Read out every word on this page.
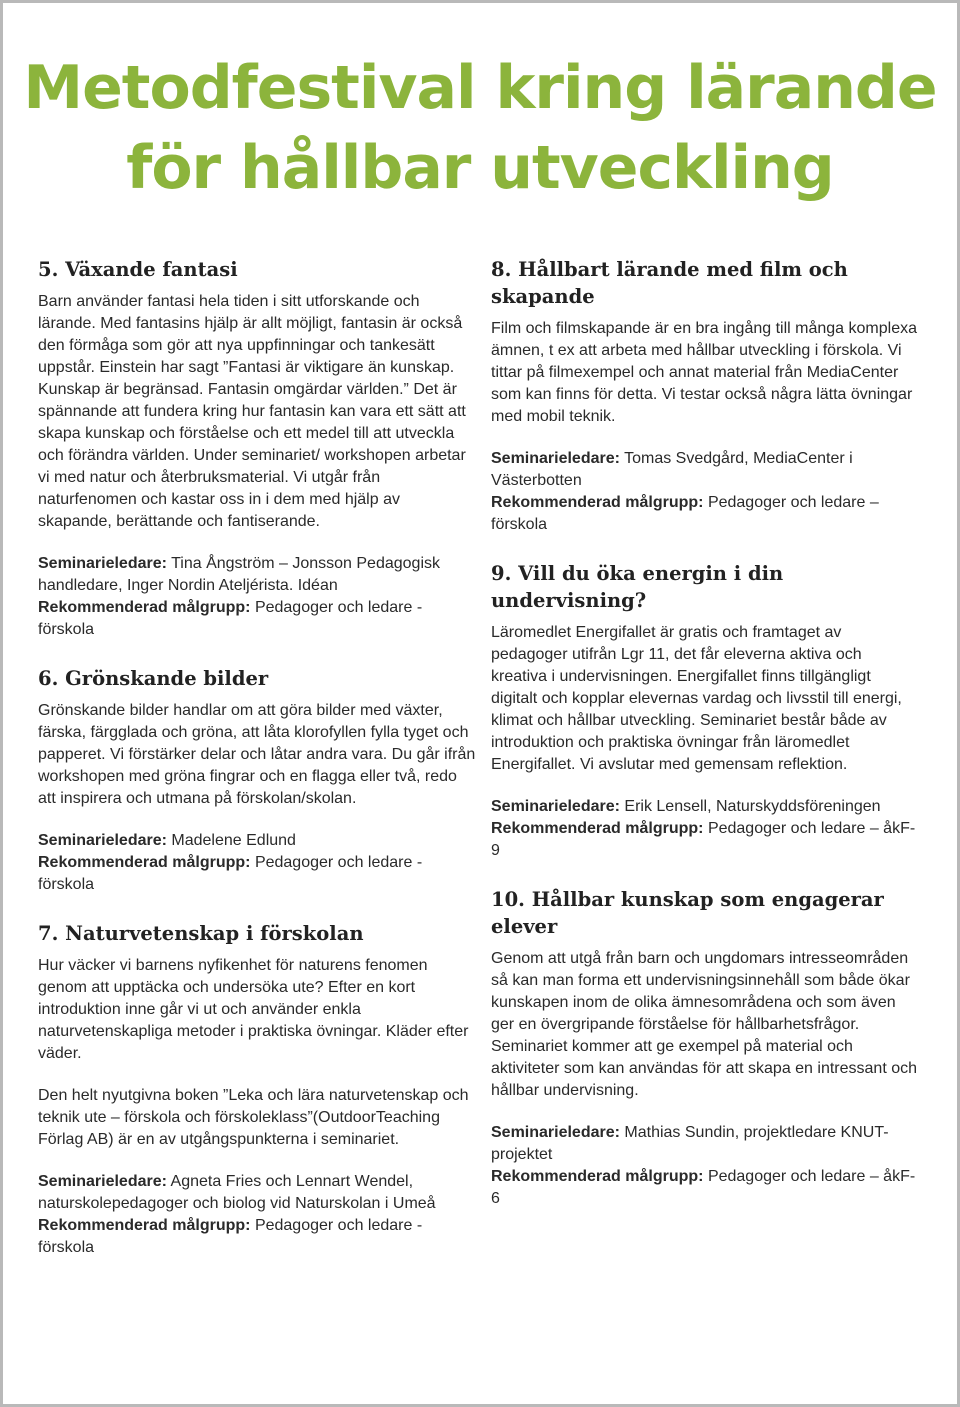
Metodfestival kring lärande
för hållbar utveckling
5. Växande fantasi

Barn använder fantasi hela tiden i sitt utforskande och lärande. Med fantasins hjälp är allt möjligt, fantasin är också den förmåga som gör att nya uppfinningar och tankesätt uppstår. Einstein har sagt ”Fantasi är viktigare än kunskap. Kunskap är begränsad. Fantasin omgärdar världen.” Det är spännande att fundera kring hur fantasin kan vara ett sätt att skapa kunskap och förståelse och ett medel till att utveckla och förändra världen. Under seminariet/ workshopen arbetar vi med natur och återbruksmaterial. Vi utgår från naturfenomen och kastar oss in i dem med hjälp av skapande, berättande och fantiserande.

Seminarieledare: Tina Ångström – Jonsson Pedagogisk handledare, Inger Nordin Ateljérista. Idéan

Rekommenderad målgrupp: Pedagoger och ledare - förskola

6. Grönskande bilder

Grönskande bilder handlar om att göra bilder med växter, färska, färgglada och gröna, att låta klorofyllen fylla tyget och papperet. Vi förstärker delar och låtar andra vara. Du går ifrån workshopen med gröna fingrar och en flagga eller två, redo att inspirera och utmana på förskolan/skolan.

Seminarieledare: Madelene Edlund

Rekommenderad målgrupp: Pedagoger och ledare - förskola

7. Naturvetenskap i förskolan

Hur väcker vi barnens nyfikenhet för naturens fenomen genom att upptäcka och undersöka ute? Efter en kort introduktion inne går vi ut och använder enkla naturvetenskapliga metoder i praktiska övningar. Kläder efter väder.

Den helt nyutgivna boken ”Leka och lära naturvetenskap och teknik ute – förskola och förskoleklass”(OutdoorTeaching Förlag AB) är en av utgångspunkterna i seminariet.

Seminarieledare: Agneta Fries och Lennart Wendel, naturskolepedagoger och biolog vid Naturskolan i Umeå

Rekommenderad målgrupp: Pedagoger och ledare - förskola

8. Hållbart lärande med film och skapande

Film och filmskapande är en bra ingång till många komplexa ämnen, t ex att arbeta med hållbar utveckling i förskola. Vi tittar på filmexempel och annat material från MediaCenter som kan finns för detta. Vi testar också några lätta övningar med mobil teknik.

Seminarieledare: Tomas Svedgård, MediaCenter i Västerbotten

Rekommenderad målgrupp: Pedagoger och ledare – förskola

9. Vill du öka energin i din undervisning?

Läromedlet Energifallet är gratis och framtaget av pedagoger utifrån Lgr 11, det får eleverna aktiva och kreativa i undervisningen. Energifallet finns tillgängligt digitalt och kopplar elevernas vardag och livsstil till energi, klimat och hållbar utveckling. Seminariet består både av introduktion och praktiska övningar från läromedlet Energifallet. Vi avslutar med gemensam reflektion.

Seminarieledare: Erik Lensell, Naturskyddsföreningen

Rekommenderad målgrupp: Pedagoger och ledare – åkF-9

10. Hållbar kunskap som engagerar elever

Genom att utgå från barn och ungdomars intresseområden så kan man forma ett undervisningsinnehåll som både ökar kunskapen inom de olika ämnesområdena och som även ger en övergripande förståelse för hållbarhetsfrågor. Seminariet kommer att ge exempel på material och aktiviteter som kan användas för att skapa en intressant och hållbar undervisning.

Seminarieledare: Mathias Sundin, projektledare KNUT-projektet

Rekommenderad målgrupp: Pedagoger och ledare – åkF-6
